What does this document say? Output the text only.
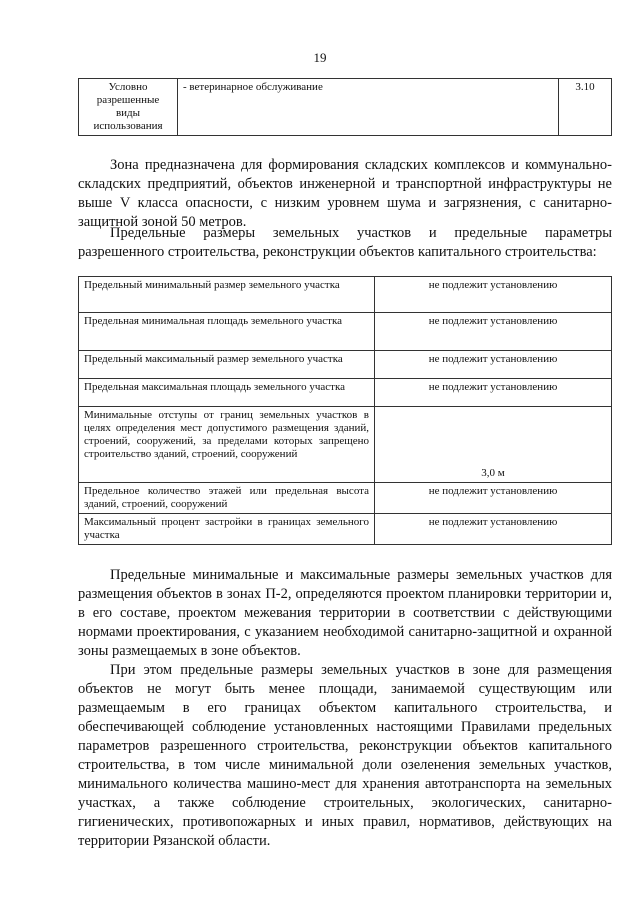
19
Условно разрешенные виды использования	- ветеринарное обслуживание	3.10

Зона предназначена для формирования складских комплексов и коммунально-складских предприятий, объектов инженерной и транспортной инфраструктуры не выше V класса опасности, с низким уровнем шума и загрязнения, с санитарно-защитной зоной 50 метров.

Предельные размеры земельных участков и предельные параметры разрешенного строительства, реконструкции объектов капитального строительства:

Предельный минимальный размер земельного участка	не подлежит установлению
Предельная минимальная площадь земельного участка	не подлежит установлению
Предельный максимальный размер земельного участка	не подлежит установлению
Предельная максимальная площадь земельного участка	не подлежит установлению
Минимальные отступы от границ земельных участков в целях определения мест допустимого размещения зданий, строений, сооружений, за пределами которых запрещено строительство зданий, строений, сооружений	3,0 м
Предельное количество этажей или предельная высота зданий, строений, сооружений	не подлежит установлению
Максимальный процент застройки в границах земельного участка	не подлежит установлению

Предельные минимальные и максимальные размеры земельных участков для размещения объектов в зонах П-2, определяются проектом планировки территории и, в его составе, проектом межевания территории в соответствии с действующими нормами проектирования, с указанием необходимой санитарно-защитной и охранной зоны размещаемых в зоне объектов.

При этом предельные размеры земельных участков в зоне для размещения объектов не могут быть менее площади, занимаемой существующим или размещаемым в его границах объектом капитального строительства, и обеспечивающей соблюдение установленных настоящими Правилами предельных параметров разрешенного строительства, реконструкции объектов капитального строительства, в том числе минимальной доли озеленения земельных участков, минимального количества машино-мест для хранения автотранспорта на земельных участках, а также соблюдение строительных, экологических, санитарно-гигиенических, противопожарных и иных правил, нормативов, действующих на территории Рязанской области.
